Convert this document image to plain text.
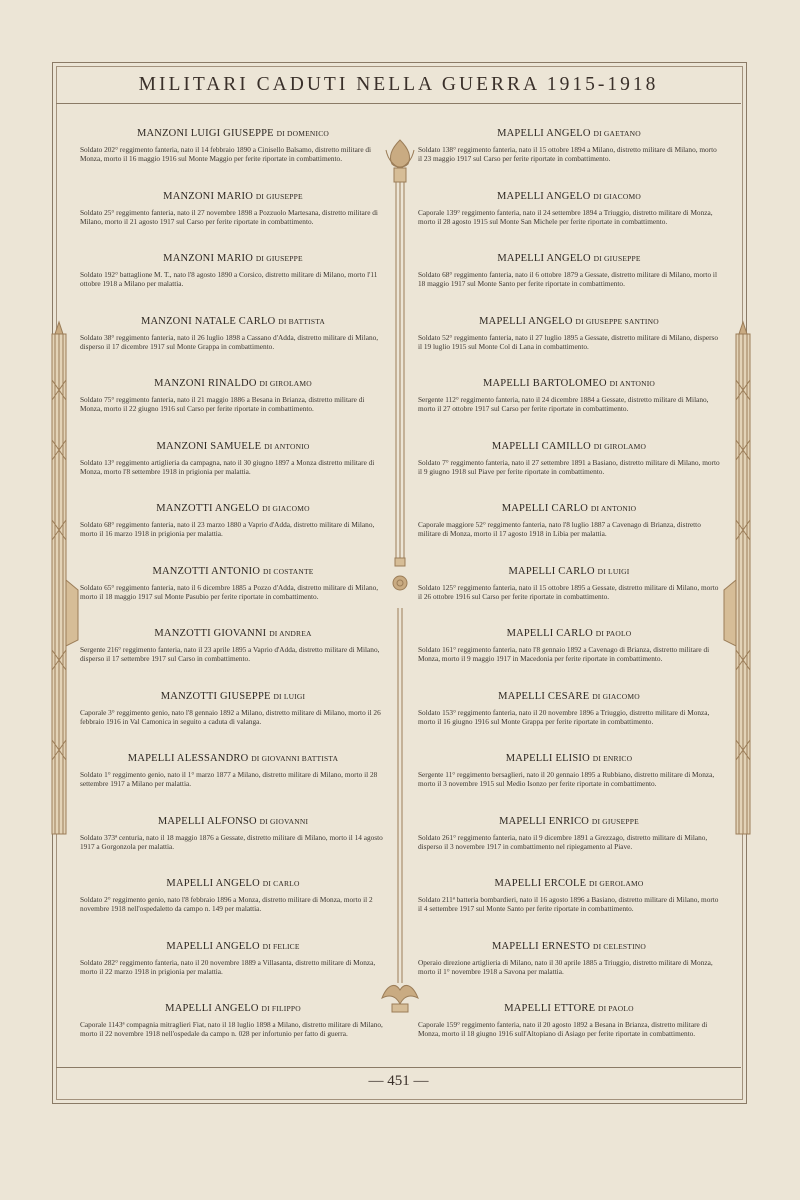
MILITARI CADUTI NELLA GUERRA 1915-1918
MANZONI LUIGI GIUSEPPE DI DOMENICO

Soldato 202° reggimento fanteria, nato il 14 febbraio 1890 a Cinisello Balsamo, distretto militare di Monza, morto il 16 maggio 1916 sul Monte Maggio per ferite riportate in combattimento.

MANZONI MARIO DI GIUSEPPE

Soldato 25° reggimento fanteria, nato il 27 novembre 1898 a Pozzuolo Martesana, distretto militare di Milano, morto il 21 agosto 1917 sul Carso per ferite riportate in combattimento.

MANZONI MARIO DI GIUSEPPE

Soldato 192° battaglione M. T., nato l'8 agosto 1890 a Corsico, distretto militare di Milano, morto l'11 ottobre 1918 a Milano per malattia.

MANZONI NATALE CARLO DI BATTISTA

Soldato 38° reggimento fanteria, nato il 26 luglio 1898 a Cassano d'Adda, distretto militare di Milano, disperso il 17 dicembre 1917 sul Monte Grappa in combattimento.

MANZONI RINALDO DI GIROLAMO

Soldato 75° reggimento fanteria, nato il 21 maggio 1886 a Besana in Brianza, distretto militare di Monza, morto il 22 giugno 1916 sul Carso per ferite riportate in combattimento.

MANZONI SAMUELE DI ANTONIO

Soldato 13° reggimento artiglieria da campagna, nato il 30 giugno 1897 a Monza distretto militare di Monza, morto l'8 settembre 1918 in prigionia per malattia.

MANZOTTI ANGELO DI GIACOMO

Soldato 68° reggimento fanteria, nato il 23 marzo 1880 a Vaprio d'Adda, distretto militare di Milano, morto il 16 marzo 1918 in prigionia per malattia.

MANZOTTI ANTONIO DI COSTANTE

Soldato 65° reggimento fanteria, nato il 6 dicembre 1885 a Pozzo d'Adda, distretto militare di Milano, morto il 18 maggio 1917 sul Monte Pasubio per ferite riportate in combattimento.

MANZOTTI GIOVANNI DI ANDREA

Sergente 216° reggimento fanteria, nato il 23 aprile 1895 a Vaprio d'Adda, distretto militare di Milano, disperso il 17 settembre 1917 sul Carso in combattimento.

MANZOTTI GIUSEPPE DI LUIGI

Caporale 3° reggimento genio, nato l'8 gennaio 1892 a Milano, distretto militare di Milano, morto il 26 febbraio 1916 in Val Camonica in seguito a caduta di valanga.

MAPELLI ALESSANDRO DI GIOVANNI BATTISTA

Soldato 1° reggimento genio, nato il 1° marzo 1877 a Milano, distretto militare di Milano, morto il 28 settembre 1917 a Milano per malattia.

MAPELLI ALFONSO DI GIOVANNI

Soldato 373ª centuria, nato il 18 maggio 1876 a Gessate, distretto militare di Milano, morto il 14 agosto 1917 a Gorgonzola per malattia.

MAPELLI ANGELO DI CARLO

Soldato 2° reggimento genio, nato l'8 febbraio 1896 a Monza, distretto militare di Monza, morto il 2 novembre 1918 nell'ospedaletto da campo n. 149 per malattia.

MAPELLI ANGELO DI FELICE

Soldato 282° reggimento fanteria, nato il 20 novembre 1889 a Villasanta, distretto militare di Monza, morto il 22 marzo 1918 in prigionia per malattia.

MAPELLI ANGELO DI FILIPPO

Caporale 1143ª compagnia mitraglieri Fiat, nato il 18 luglio 1898 a Milano, distretto militare di Milano, morto il 22 novembre 1918 nell'ospedale da campo n. 028 per infortunio per fatto di guerra.

MAPELLI ANGELO DI GAETANO

Soldato 138° reggimento fanteria, nato il 15 ottobre 1894 a Milano, distretto militare di Milano, morto il 23 maggio 1917 sul Carso per ferite riportate in combattimento.

MAPELLI ANGELO DI GIACOMO

Caporale 139° reggimento fanteria, nato il 24 settembre 1894 a Triuggio, distretto militare di Monza, morto il 28 agosto 1915 sul Monte San Michele per ferite riportate in combattimento.

MAPELLI ANGELO DI GIUSEPPE

Soldato 68° reggimento fanteria, nato il 6 ottobre 1879 a Gessate, distretto militare di Milano, morto il 18 maggio 1917 sul Monte Santo per ferite riportate in combattimento.

MAPELLI ANGELO DI GIUSEPPE SANTINO

Soldato 52° reggimento fanteria, nato il 27 luglio 1895 a Gessate, distretto militare di Milano, disperso il 19 luglio 1915 sul Monte Col di Lana in combattimento.

MAPELLI BARTOLOMEO DI ANTONIO

Sergente 112° reggimento fanteria, nato il 24 dicembre 1884 a Gessate, distretto militare di Milano, morto il 27 ottobre 1917 sul Carso per ferite riportate in combattimento.

MAPELLI CAMILLO DI GIROLAMO

Soldato 7° reggimento fanteria, nato il 27 settembre 1891 a Basiano, distretto militare di Milano, morto il 9 giugno 1918 sul Piave per ferite riportate in combattimento.

MAPELLI CARLO DI ANTONIO

Caporale maggiore 52° reggimento fanteria, nato l'8 luglio 1887 a Cavenago di Brianza, distretto militare di Monza, morto il 17 agosto 1918 in Libia per malattia.

MAPELLI CARLO DI LUIGI

Soldato 125° reggimento fanteria, nato il 15 ottobre 1895 a Gessate, distretto militare di Milano, morto il 26 ottobre 1916 sul Carso per ferite riportate in combattimento.

MAPELLI CARLO DI PAOLO

Soldato 161° reggimento fanteria, nato l'8 gennaio 1892 a Cavenago di Brianza, distretto militare di Monza, morto il 9 maggio 1917 in Macedonia per ferite riportate in combattimento.

MAPELLI CESARE DI GIACOMO

Soldato 153° reggimento fanteria, nato il 20 novembre 1896 a Triuggio, distretto militare di Monza, morto il 16 giugno 1916 sul Monte Grappa per ferite riportate in combattimento.

MAPELLI ELISIO DI ENRICO

Sergente 11° reggimento bersaglieri, nato il 20 gennaio 1895 a Rubbiano, distretto militare di Monza, morto il 3 novembre 1915 sul Medio Isonzo per ferite riportate in combattimento.

MAPELLI ENRICO DI GIUSEPPE

Soldato 261° reggimento fanteria, nato il 9 dicembre 1891 a Grezzago, distretto militare di Milano, disperso il 3 novembre 1917 in combattimento nel ripiegamento al Piave.

MAPELLI ERCOLE DI GEROLAMO

Soldato 211ª batteria bombardieri, nato il 16 agosto 1896 a Basiano, distretto militare di Milano, morto il 4 settembre 1917 sul Monte Santo per ferite riportate in combattimento.

MAPELLI ERNESTO DI CELESTINO

Operaio direzione artiglieria di Milano, nato il 30 aprile 1885 a Triuggio, distretto militare di Monza, morto il 1° novembre 1918 a Savona per malattia.

MAPELLI ETTORE DI PAOLO

Caporale 159° reggimento fanteria, nato il 20 agosto 1892 a Besana in Brianza, distretto militare di Monza, morto il 18 giugno 1916 sull'Altopiano di Asiago per ferite riportate in combattimento.

— 451 —
